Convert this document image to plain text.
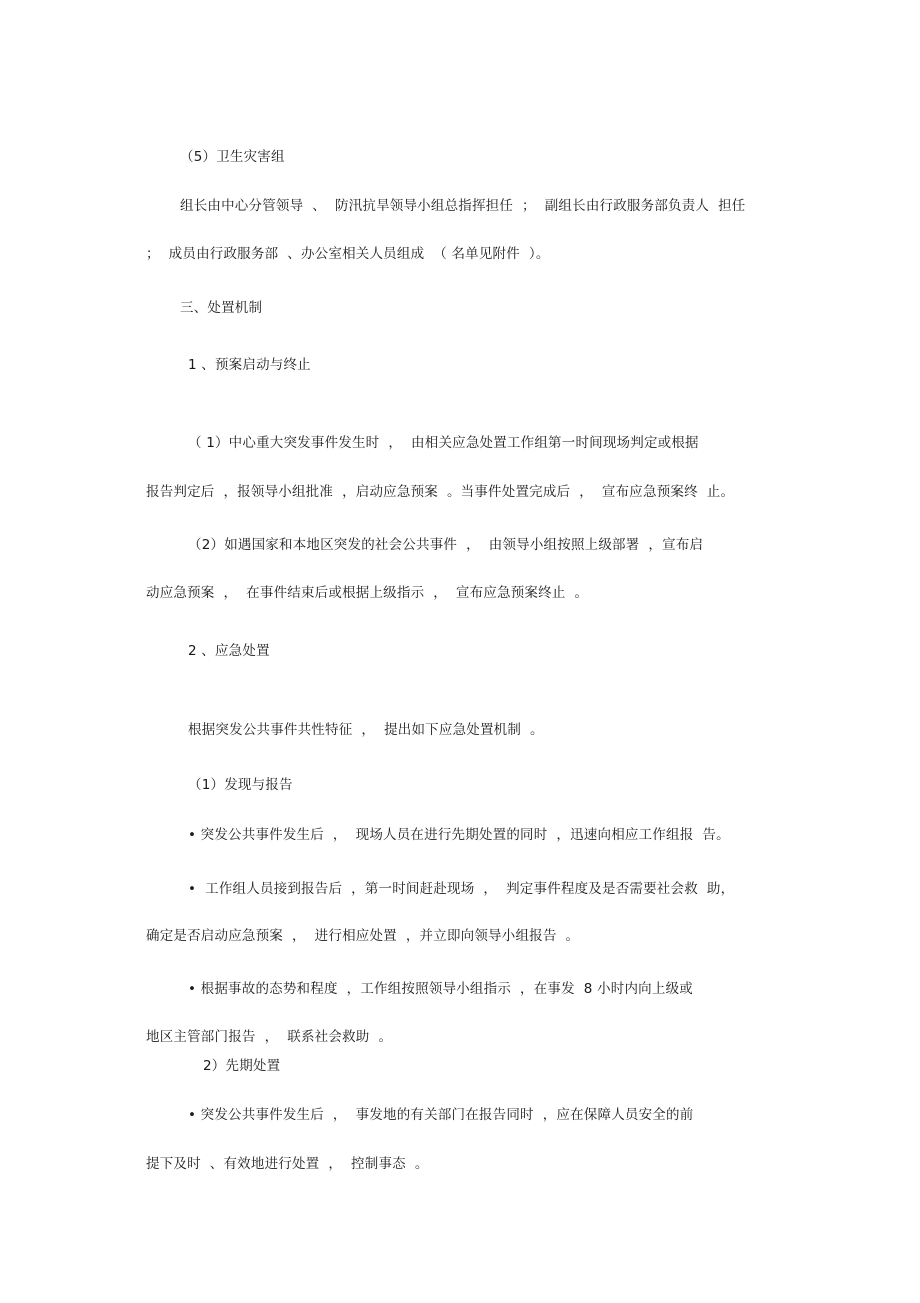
（5）卫生灾害组
组长由中心分管领导  、  防汛抗旱领导小组总指挥担任  ；  副组长由行政服务部负责人  担任
；  成员由行政服务部  、办公室相关人员组成  （ 名单见附件  ）。
三、处置机制
1 、预案启动与终止
（ 1）中心重大突发事件发生时  ，  由相关应急处置工作组第一时间现场判定或根据
报告判定后  ，报领导小组批准  ，启动应急预案  。当事件处置完成后  ，  宣布应急预案终  止。
（2）如遇国家和本地区突发的社会公共事件  ，  由领导小组按照上级部署  ，宣布启
动应急预案  ，  在事件结束后或根据上级指示  ，  宣布应急预案终止  。
2 、应急处置
根据突发公共事件共性特征  ，  提出如下应急处置机制  。
（1）发现与报告
• 突发公共事件发生后  ，  现场人员在进行先期处置的同时  ，迅速向相应工作组报  告。
•  工作组人员接到报告后  ，第一时间赶赴现场  ，  判定事件程度及是否需要社会救  助，
确定是否启动应急预案  ，  进行相应处置  ，并立即向领导小组报告  。
• 根据事故的态势和程度  ，工作组按照领导小组指示  ，在事发  8 小时内向上级或
地区主管部门报告  ，  联系社会救助  。
2）先期处置
• 突发公共事件发生后  ，  事发地的有关部门在报告同时  ，应在保障人员安全的前
提下及时  、有效地进行处置  ，  控制事态  。
